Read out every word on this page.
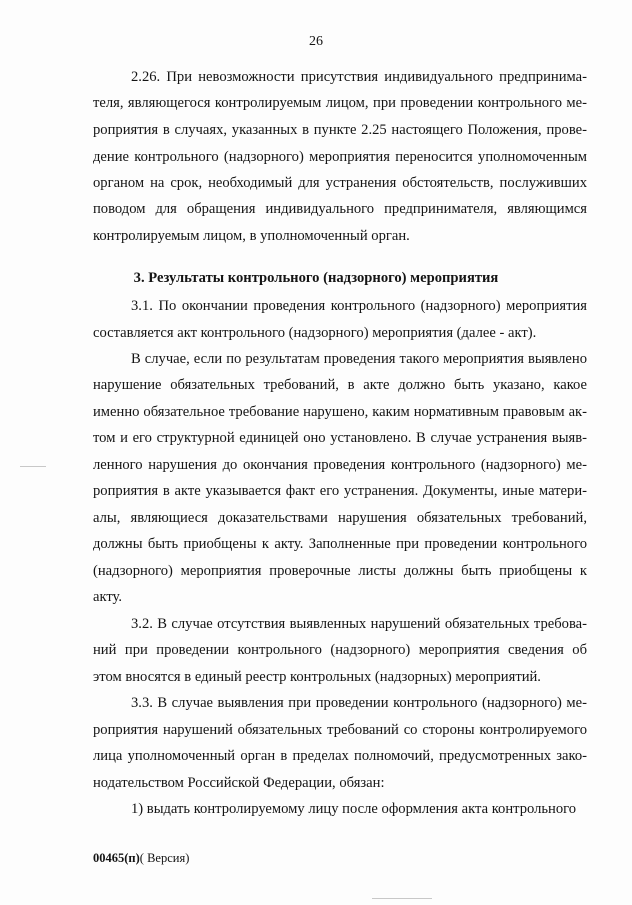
26
2.26. При невозможности присутствия индивидуального предпринима-
теля, являющегося контролируемым лицом, при проведении контрольного ме-
роприятия в случаях, указанных в пункте 2.25 настоящего Положения, прове-
дение контрольного (надзорного) мероприятия переносится уполномоченным
органом на срок, необходимый для устранения обстоятельств, послуживших
поводом для обращения индивидуального предпринимателя, являющимся
контролируемым лицом, в уполномоченный орган.
3. Результаты контрольного (надзорного) мероприятия
3.1. По окончании проведения контрольного (надзорного) мероприятия
составляется акт контрольного (надзорного) мероприятия (далее - акт).
В случае, если по результатам проведения такого мероприятия выявлено
нарушение обязательных требований, в акте должно быть указано, какое
именно обязательное требование нарушено, каким нормативным правовым ак-
том и его структурной единицей оно установлено. В случае устранения выяв-
ленного нарушения до окончания проведения контрольного (надзорного) ме-
роприятия в акте указывается факт его устранения. Документы, иные матери-
алы, являющиеся доказательствами нарушения обязательных требований,
должны быть приобщены к акту. Заполненные при проведении контрольного
(надзорного) мероприятия проверочные листы должны быть приобщены к
акту.
3.2. В случае отсутствия выявленных нарушений обязательных требова-
ний при проведении контрольного (надзорного) мероприятия сведения об
этом вносятся в единый реестр контрольных (надзорных) мероприятий.
3.3. В случае выявления при проведении контрольного (надзорного) ме-
роприятия нарушений обязательных требований со стороны контролируемого
лица уполномоченный орган в пределах полномочий, предусмотренных зако-
нодательством Российской Федерации, обязан:
1) выдать контролируемому лицу после оформления акта контрольного
00465(п)( Версия)
